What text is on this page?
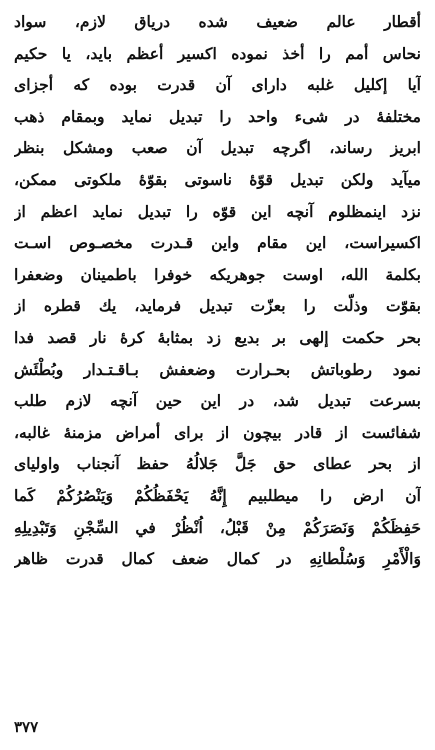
أقطار عالم ضعيف شده درياق لازم، سواد
نحاس أمم را أخذ نموده اكسير أعظم بايد، يا حكيم
آيا إكليل غلبه داراى آن قدرت بوده كه أجزاى
مختلفهٔ در شىء واحد را تبديل نمايد وبمقام ذهب
ابريز رساند، اگرچه تبديل آن صعب ومشكل بنظر
ميآيد ولكن تبديل قوّهٔ ناسوتى بقوّهٔ ملكوتى ممكن،
نزد اينمظلوم آنچه اين قوّه را تبديل نمايد اعظم از
اكسيراست، اين مقام واين قـدرت مخصـوص اسـت
بكلمة الله، اوست جوهريكه خوفرا باطمينان وضعفرا
بقوّت وذلّت را بعزّت تبديل فرمايد، يك قطره از
بحر حكمت إلهى بر بديع زد بمثابهٔ كرهٔ نار قصد فدا
نمود رطوباتش بحـرارت وضعفش بـاقـتـدار وبُطْئَش
بسرعت تبديل شد، در اين حين آنچه لازم طلب
شفائست از قادر بيچون از براى أمراض مزمنهٔ غالبه،
از بحر عطاى حق جَلَّ جَلالُهُ حفظ آنجناب واولياى
آن ارض را ميطلبيم إِنَّهُ يَحْفَظُكُمْ وَيَنْصُرُكُمْ كَما
حَفِظَكُمْ وَنَصَرَكُمْ مِنْ قَبْلُ، اُنْظُرْ في السِّجْنِ وَتَبْدِيلِهِ
وَالْأَمْرِ وَسُلْطانِهِ در كمال ضعف كمال قدرت ظاهر
۳۷۷
